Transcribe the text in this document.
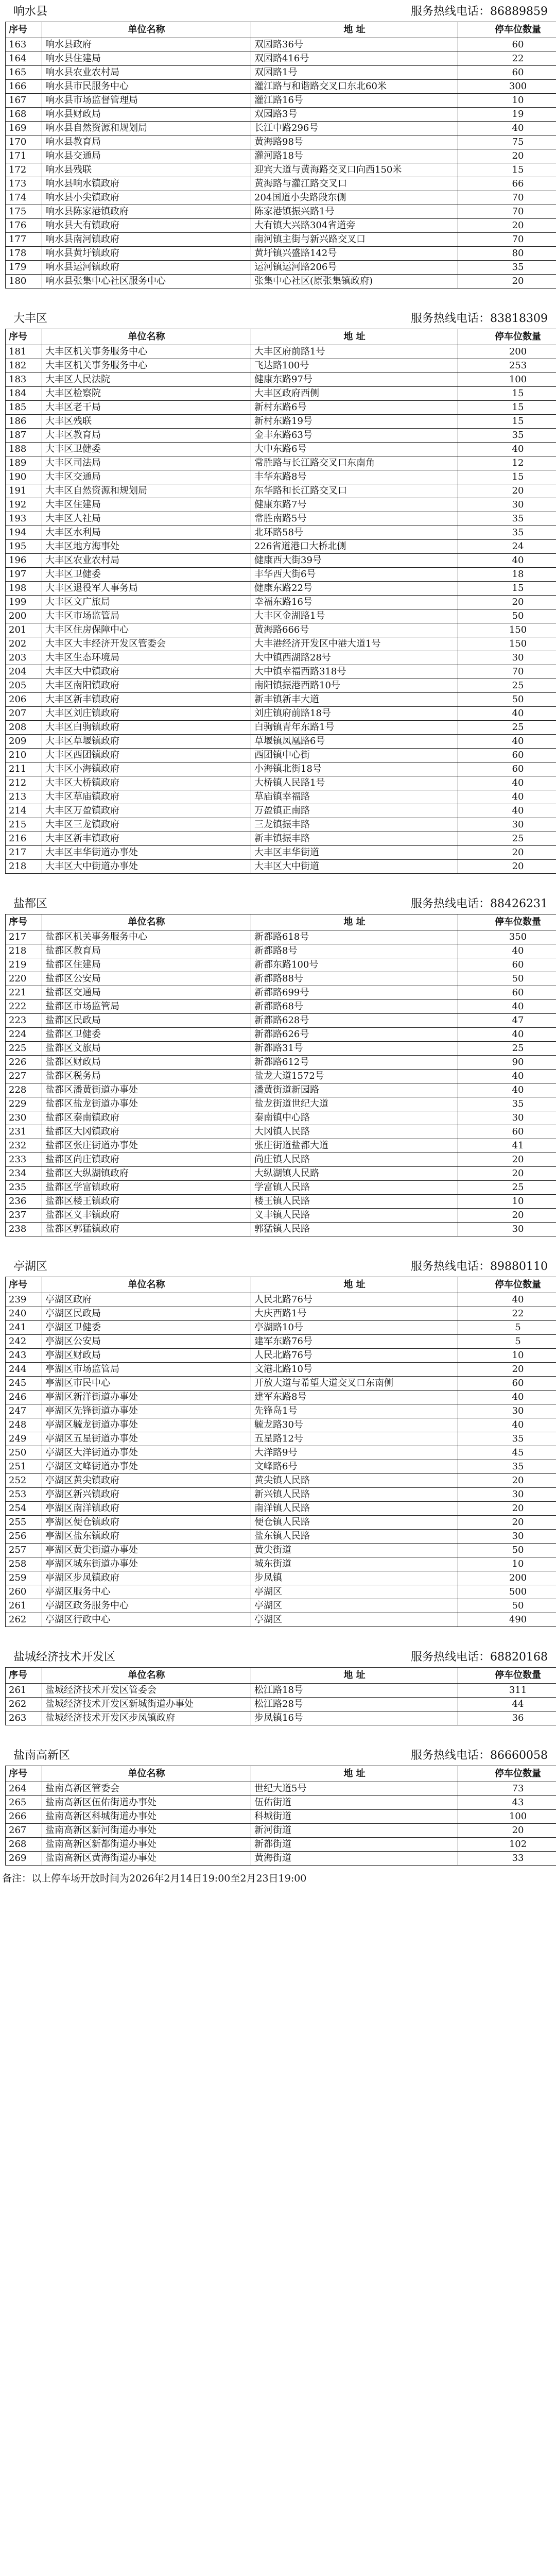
响水县	服务热线电话：86889859
序号	单位名称	地 址	停车位数量
163	响水县政府	双园路36号	60
164	响水县住建局	双园路416号	22
165	响水县农业农村局	双园路1号	60
166	响水县市民服务中心	灌江路与和谐路交叉口东北60米	300
167	响水县市场监督管理局	灌江路16号	10
168	响水县财政局	双园路3号	19
169	响水县自然资源和规划局	长江中路296号	40
170	响水县教育局	黄海路98号	75
171	响水县交通局	灌河路18号	20
172	响水县残联	迎宾大道与黄海路交叉口向西150米	15
173	响水县响水镇政府	黄海路与灌江路交叉口	66
174	响水县小尖镇政府	204国道小尖路段东侧	70
175	响水县陈家港镇政府	陈家港镇振兴路1号	70
176	响水县大有镇政府	大有镇大兴路304省道旁	20
177	响水县南河镇政府	南河镇主街与新兴路交叉口	70
178	响水县黄圩镇政府	黄圩镇兴盛路142号	80
179	响水县运河镇政府	运河镇运河路206号	35
180	响水县张集中心社区服务中心	张集中心社区(原张集镇政府)	20
大丰区	服务热线电话：83818309
序号	单位名称	地 址	停车位数量
181	大丰区机关事务服务中心	大丰区府前路1号	200
182	大丰区机关事务服务中心	飞达路100号	253
183	大丰区人民法院	健康东路97号	100
184	大丰区检察院	大丰区政府西侧	15
185	大丰区老干局	新村东路6号	15
186	大丰区残联	新村东路19号	15
187	大丰区教育局	金丰东路63号	35
188	大丰区卫健委	大中东路6号	40
189	大丰区司法局	常胜路与长江路交叉口东南角	12
190	大丰区交通局	丰华东路8号	15
191	大丰区自然资源和规划局	东华路和长江路交叉口	20
192	大丰区住建局	健康东路7号	30
193	大丰区人社局	常胜南路5号	35
194	大丰区水利局	北环路58号	35
195	大丰区地方海事处	226省道港口大桥北侧	24
196	大丰区农业农村局	健康西大街39号	40
197	大丰区卫健委	丰华西大街6号	18
198	大丰区退役军人事务局	健康东路22号	15
199	大丰区文广旅局	幸福东路16号	20
200	大丰区市场监管局	大丰区金湖路1号	50
201	大丰区住房保障中心	黄海路666号	150
202	大丰区大丰经济开发区管委会	大丰港经济开发区中港大道1号	150
203	大丰区生态环境局	大中镇西湖路28号	30
204	大丰区大中镇政府	大中镇幸福西路318号	70
205	大丰区南阳镇政府	南阳镇振港西路10号	25
206	大丰区新丰镇政府	新丰镇新丰大道	50
207	大丰区刘庄镇政府	刘庄镇府前路18号	40
208	大丰区白驹镇政府	白驹镇青年东路1号	25
209	大丰区草堰镇政府	草堰镇凤凰路6号	40
210	大丰区西团镇政府	西团镇中心街	60
211	大丰区小海镇政府	小海镇北街18号	60
212	大丰区大桥镇政府	大桥镇人民路1号	40
213	大丰区草庙镇政府	草庙镇幸福路	40
214	大丰区万盈镇政府	万盈镇正南路	40
215	大丰区三龙镇政府	三龙镇振丰路	30
216	大丰区新丰镇政府	新丰镇振丰路	25
217	大丰区丰华街道办事处	大丰区丰华街道	20
218	大丰区大中街道办事处	大丰区大中街道	20
盐都区	服务热线电话：88426231
序号	单位名称	地 址	停车位数量
217	盐都区机关事务服务中心	新都路618号	350
218	盐都区教育局	新都路8号	40
219	盐都区住建局	新都东路100号	60
220	盐都区公安局	新都路88号	50
221	盐都区交通局	新都路699号	60
222	盐都区市场监管局	新都路68号	40
223	盐都区民政局	新都路628号	47
224	盐都区卫健委	新都路626号	40
225	盐都区文旅局	新都路31号	25
226	盐都区财政局	新都路612号	90
227	盐都区税务局	盐龙大道1572号	40
228	盐都区潘黄街道办事处	潘黄街道新园路	40
229	盐都区盐龙街道办事处	盐龙街道世纪大道	35
230	盐都区秦南镇政府	秦南镇中心路	30
231	盐都区大冈镇政府	大冈镇人民路	60
232	盐都区张庄街道办事处	张庄街道盐都大道	41
233	盐都区尚庄镇政府	尚庄镇人民路	20
234	盐都区大纵湖镇政府	大纵湖镇人民路	20
235	盐都区学富镇政府	学富镇人民路	25
236	盐都区楼王镇政府	楼王镇人民路	10
237	盐都区义丰镇政府	义丰镇人民路	20
238	盐都区郭猛镇政府	郭猛镇人民路	30
亭湖区	服务热线电话：89880110
序号	单位名称	地 址	停车位数量
239	亭湖区政府	人民北路76号	40
240	亭湖区民政局	大庆西路1号	22
241	亭湖区卫健委	亭湖路10号	5
242	亭湖区公安局	建军东路76号	5
243	亭湖区财政局	人民北路76号	10
244	亭湖区市场监管局	文港北路10号	20
245	亭湖区市民中心	开放大道与希望大道交叉口东南侧	60
246	亭湖区新洋街道办事处	建军东路8号	40
247	亭湖区先锋街道办事处	先锋岛1号	30
248	亭湖区毓龙街道办事处	毓龙路30号	40
249	亭湖区五星街道办事处	五星路12号	35
250	亭湖区大洋街道办事处	大洋路9号	45
251	亭湖区文峰街道办事处	文峰路6号	35
252	亭湖区黄尖镇政府	黄尖镇人民路	20
253	亭湖区新兴镇政府	新兴镇人民路	30
254	亭湖区南洋镇政府	南洋镇人民路	20
255	亭湖区便仓镇政府	便仓镇人民路	20
256	亭湖区盐东镇政府	盐东镇人民路	30
257	亭湖区黄尖街道办事处	黄尖街道	50
258	亭湖区城东街道办事处	城东街道	10
259	亭湖区步凤镇政府	步凤镇	200
260	亭湖区服务中心	亭湖区	500
261	亭湖区政务服务中心	亭湖区	50
262	亭湖区行政中心	亭湖区	490
盐城经济技术开发区	服务热线电话：68820168
序号	单位名称	地 址	停车位数量
261	盐城经济技术开发区管委会	松江路18号	311
262	盐城经济技术开发区新城街道办事处	松江路28号	44
263	盐城经济技术开发区步凤镇政府	步凤镇16号	36
盐南高新区	服务热线电话：86660058
序号	单位名称	地 址	停车位数量
264	盐南高新区管委会	世纪大道5号	73
265	盐南高新区伍佑街道办事处	伍佑街道	43
266	盐南高新区科城街道办事处	科城街道	100
267	盐南高新区新河街道办事处	新河街道	20
268	盐南高新区新都街道办事处	新都街道	102
269	盐南高新区黄海街道办事处	黄海街道	33
备注：以上停车场开放时间为2026年2月14日19:00至2月23日19:00
